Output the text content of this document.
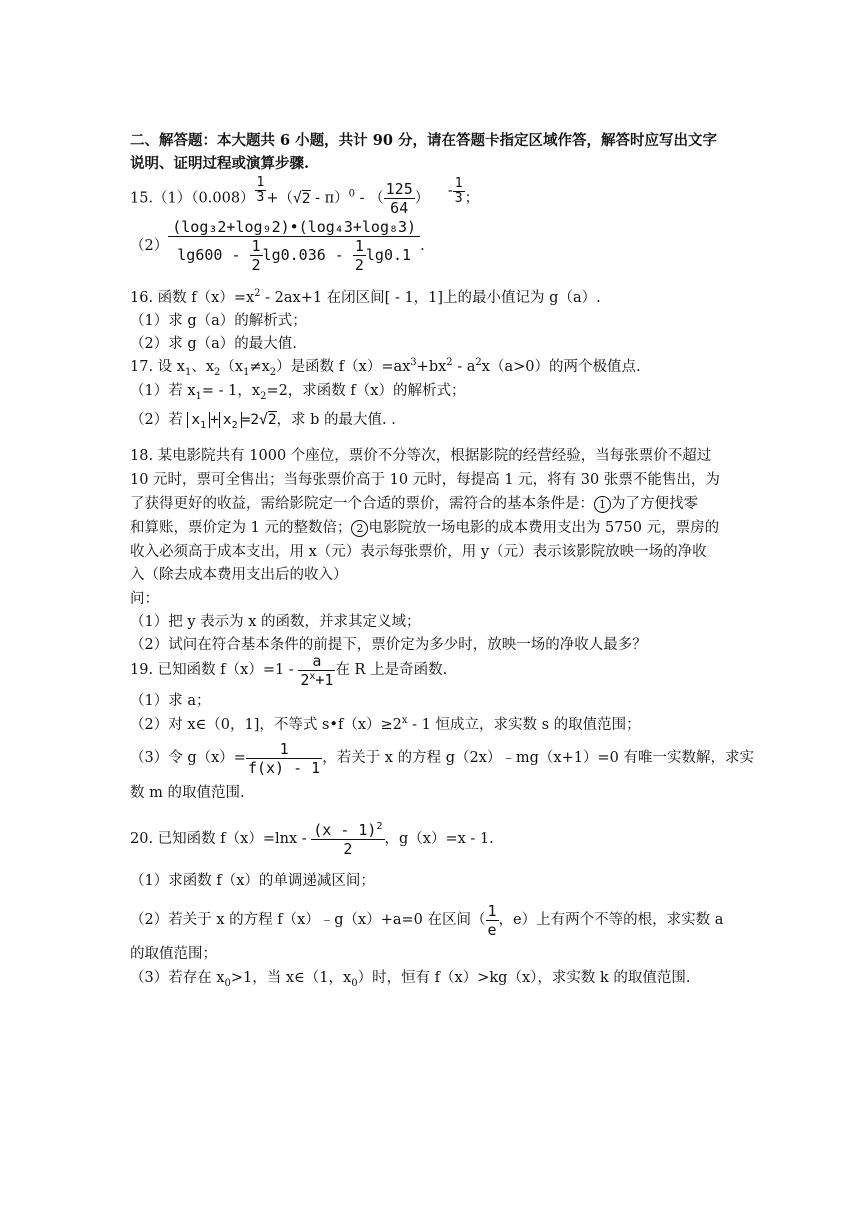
二、解答题：本大题共 6 小题，共计 90 分，请在答题卡指定区域作答，解答时应写出文字
说明、证明过程或演算步骤.
$15.(1)(0.008) \frac{1}{3} +(√2 - \pi)^0$ - （ $\frac{125}{64}$ ） - $\frac{1}{3}$ ；
$(2) \frac{\text{(log₃2+log₉2)•(log₄3+log₈3)}}{\lg 600 - \frac{1}{2} \lg 0.036 - \frac{1}{2} \lg 0.1}$ .
16. 函数 $f(x)=x^2 - 2ax+1$ 在闭区间[ - 1，1]上的最小值记为 g（a）.
（1）求 g（a）的解析式；
（2）求 g（a）的最大值.
17. 设 $x_1$、$x_2(x_1\ne x_2)$是函数 $f(x)=ax^3+bx^2 - a^2x(a>0)$的两个极值点.
（1）若 $x_1= - 1$，$x_2=2$，求函数 f（x）的解析式；
（2）若 $x_1 + x_2 =2√2$，求 b 的最大值. .
18. 某电影院共有 1000 个座位，票价不分等次，根据影院的经营经验，当每张票价不超过
10 元时，票可全售出；当每张票价高于 10 元时，每提高 1 元，将有 30 张票不能售出，为
了获得更好的收益，需给影院定一个合适的票价，需符合的基本条件是： 1 为了方便找零
和算账，票价定为 1 元的整数倍； 2 电影院放一场电影的成本费用支出为 5750 元，票房的
收入必须高于成本支出，用 x（元）表示每张票价，用 y（元）表示该影院放映一场的净收
入（除去成本费用支出后的收入）
问：
（1）把 y 表示为 x 的函数，并求其定义域；
（2）试问在符合基本条件的前提下，票价定为多少时，放映一场的净收人最多？
19. 已知函数 $f(x)=1 - \frac{a}{2^x+1}$ 在 R 上是奇函数.
（1）求 a；
（2）对 x∈（0，1]，不等式 $s•f(x)\ge 2^x - 1$ 恒成立，求实数 s 的取值范围；
（3）令 $g(x)= \frac{1}{f(x) - 1}$ ，若关于 x 的方程 g（2x）﹣mg（x+1）=0 有唯一实数解，求实
数 m 的取值范围.
20. 已知函数 $f(x)=\ln x - \frac{(x - 1)^2}{2}$ ，g（x）=x - 1.
（1）求函数 f（x）的单调递减区间；
（2）若关于 x 的方程 f（x）﹣g（x）+a=0 在区间（ $\frac{1}{e}$ ，e）上有两个不等的根，求实数 a
的取值范围；
（3）若存在 $x_0>1$，当 x∈（1，$x_0$）时，恒有 f（x）>kg（x），求实数 k 的取值范围.
